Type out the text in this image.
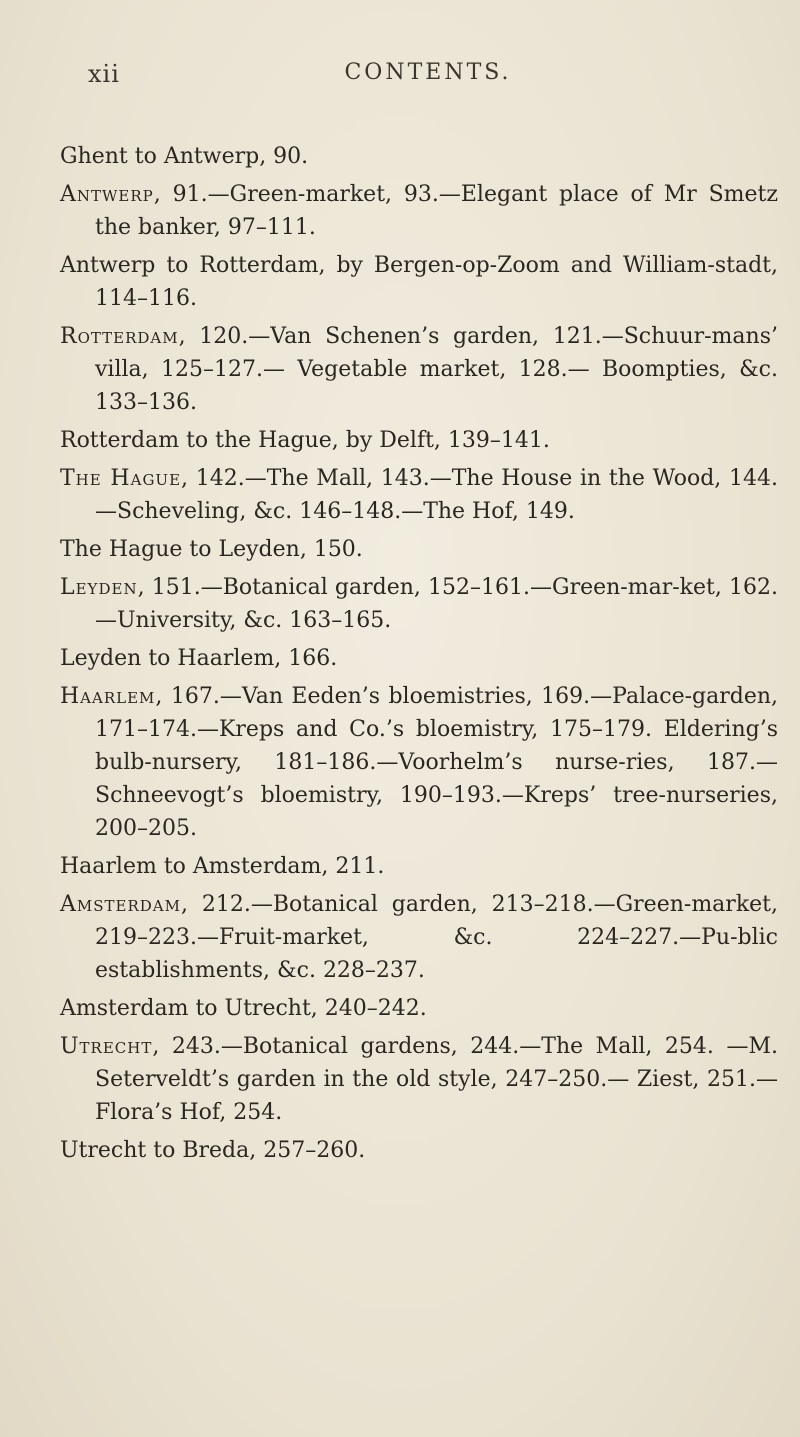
xii	CONTENTS.

Ghent to Antwerp, 90.

Antwerp, 91.—Green-market, 93.—Elegant place of Mr Smetz the banker, 97–111.

Antwerp to Rotterdam, by Bergen-op-Zoom and William-stadt, 114–116.

Rotterdam, 120.—Van Schenen’s garden, 121.—Schuur-mans’ villa, 125–127.— Vegetable market, 128.— Boompties, &c. 133–136.

Rotterdam to the Hague, by Delft, 139–141.

The Hague, 142.—The Mall, 143.—The House in the Wood, 144.—Scheveling, &c. 146–148.—The Hof, 149.

The Hague to Leyden, 150.

Leyden, 151.—Botanical garden, 152–161.—Green-mar-ket, 162.—University, &c. 163–165.

Leyden to Haarlem, 166.

Haarlem, 167.—Van Eeden’s bloemistries, 169.—Palace-garden, 171–174.—Kreps and Co.’s bloemistry, 175–179. Eldering’s bulb-nursery, 181–186.—Voorhelm’s nurse-ries, 187.—Schneevogt’s bloemistry, 190–193.—Kreps’ tree-nurseries, 200–205.

Haarlem to Amsterdam, 211.

Amsterdam, 212.—Botanical garden, 213–218.—Green-market, 219–223.—Fruit-market, &c. 224–227.—Pu-blic establishments, &c. 228–237.

Amsterdam to Utrecht, 240–242.

Utrecht, 243.—Botanical gardens, 244.—The Mall, 254. —M. Seterveldt’s garden in the old style, 247–250.— Ziest, 251.—Flora’s Hof, 254.

Utrecht to Breda, 257–260.
